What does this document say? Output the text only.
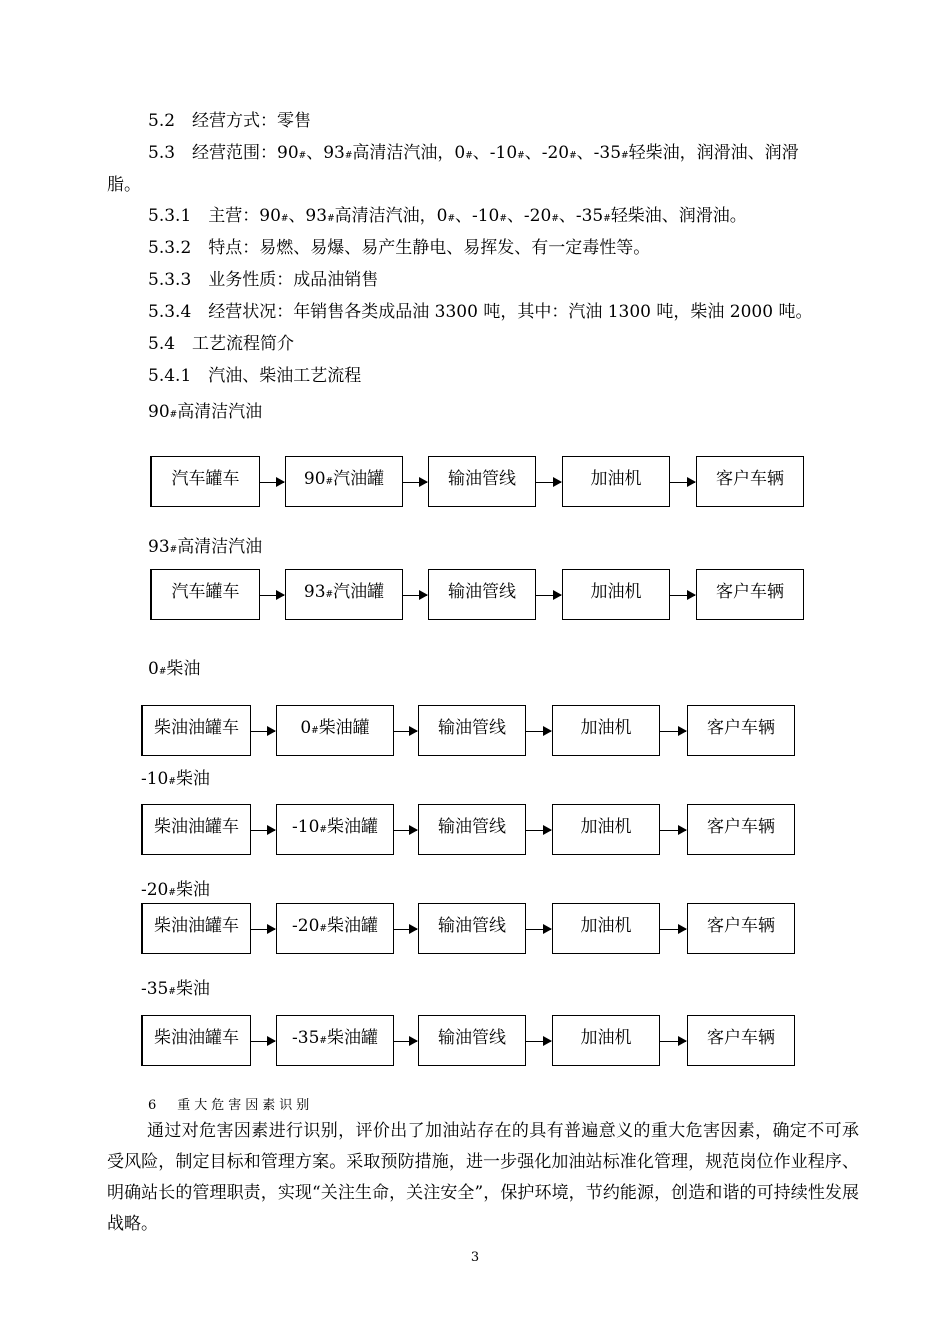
5.2　经营方式：零售
5.3　经营范围：90#、93#高清洁汽油，0#、-10#、-20#、-35#轻柴油，润滑油、润滑
脂。
5.3.1　主营：90#、93#高清洁汽油，0#、-10#、-20#、-35#轻柴油、润滑油。
5.3.2　特点：易燃、易爆、易产生静电、易挥发、有一定毒性等。
5.3.3　业务性质：成品油销售
5.3.4　经营状况：年销售各类成品油 3300 吨，其中：汽油 1300 吨，柴油 2000 吨。
5.4　工艺流程简介
5.4.1　汽油、柴油工艺流程
90#高清洁汽油
汽车罐车	90#汽油罐	输油管线	加油机	客户车辆
93#高清洁汽油
汽车罐车	93#汽油罐	输油管线	加油机	客户车辆
0#柴油
柴油油罐车	0#柴油罐	输油管线	加油机	客户车辆
-10#柴油
柴油油罐车	-10#柴油罐	输油管线	加油机	客户车辆
-20#柴油
柴油油罐车	-20#柴油罐	输油管线	加油机	客户车辆
-35#柴油
柴油油罐车	-35#柴油罐	输油管线	加油机	客户车辆
6　重大危害因素识别
通过对危害因素进行识别，评价出了加油站存在的具有普遍意义的重大危害因素，确定不可承受风险，制定目标和管理方案。采取预防措施，进一步强化加油站标准化管理，规范岗位作业程序、明确站长的管理职责，实现“关注生命，关注安全”，保护环境，节约能源，创造和谐的可持续性发展战略。
3
